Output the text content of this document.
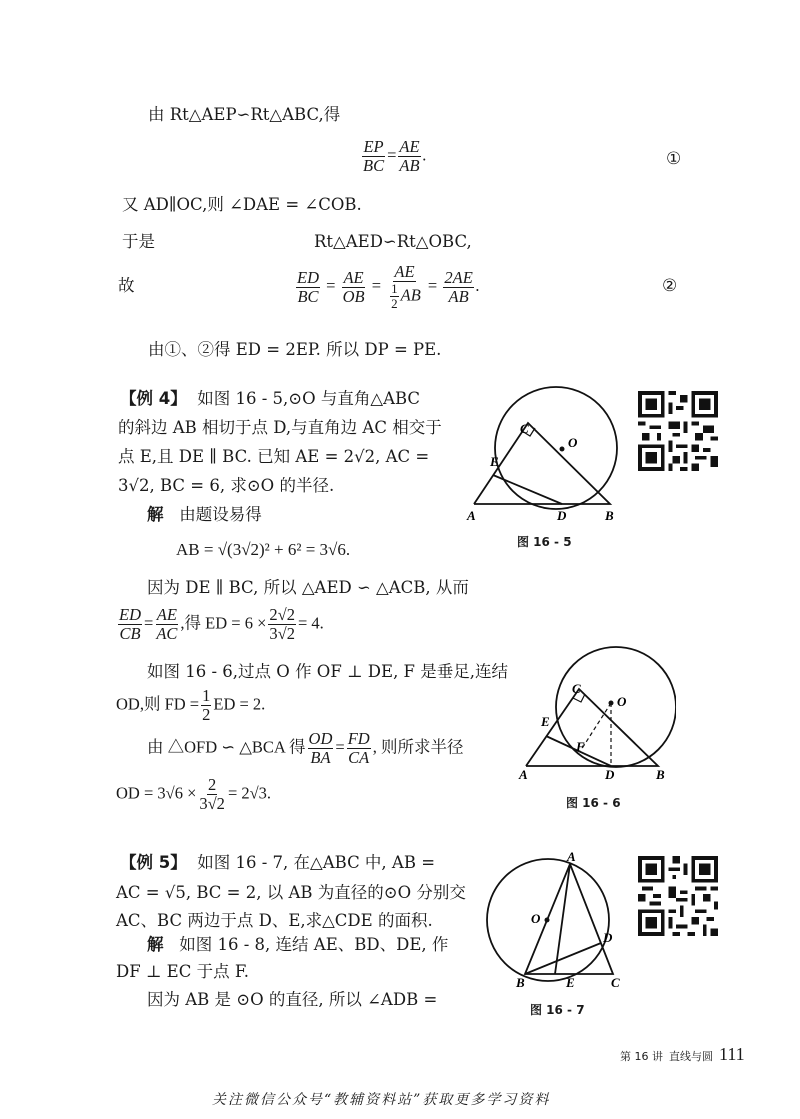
由 Rt△AEP∽Rt△ABC,得
$\frac{EP}{BC} = \frac{AE}{AB}$ .	①
又 AD∥OC,则 ∠DAE = ∠COB.
于是	Rt△AED∽Rt△OBC,
故	$\frac{ED}{BC} = \frac{AE}{OB} = \frac{AE}{\frac{1}{2} AB} = \frac{2AE}{AB}$ .	②
由①、②得 ED = 2EP. 所以 DP = PE.
【例 4】 如图 16 - 5,⊙O 与直角△ABC
的斜边 AB 相切于点 D,与直角边 AC 相交于
点 E,且 DE ∥ BC. 已知 AE = 2√2, AC =
3√2, BC = 6, 求⊙O 的半径.
解 由题设易得
AB = √(3√2)² + 6² = 3√6.
因为 DE ∥ BC, 所以 △AED ∽ △ACB, 从而
$\frac{ED}{CB} = \frac{AE}{AC}$ ,得 ED = $6 \times \frac{2√2}{3√2} = 4$.
如图 16 - 6,过点 O 作 OF ⊥ DE, F 是垂足,连结
OD,则 FD = $\frac{1}{2}$ ED = 2.
由 △OFD ∽ △BCA 得 $\frac{OD}{BA} = \frac{FD}{CA}$ , 则所求半径
OD = $3√6 \times \frac{2}{3√2} = 2√3$.
【例 5】 如图 16 - 7, 在△ABC 中, AB =
AC = √5, BC = 2, 以 AB 为直径的⊙O 分别交
AC、BC 两边于点 D、E,求△CDE 的面积.
解 如图 16 - 8, 连结 AE、BD、DE, 作
DF ⊥ EC 于点 F.
因为 AB 是 ⊙O 的直径, 所以 ∠ADB =
C
O
E
A	D	B
图 16 - 5
C
O
E
F
A	D	B
图 16 - 6
A
O
D
B	E	C
图 16 - 7
第 16 讲 直线与圆 111
关注微信公众号“教辅资料站”获取更多学习资料
